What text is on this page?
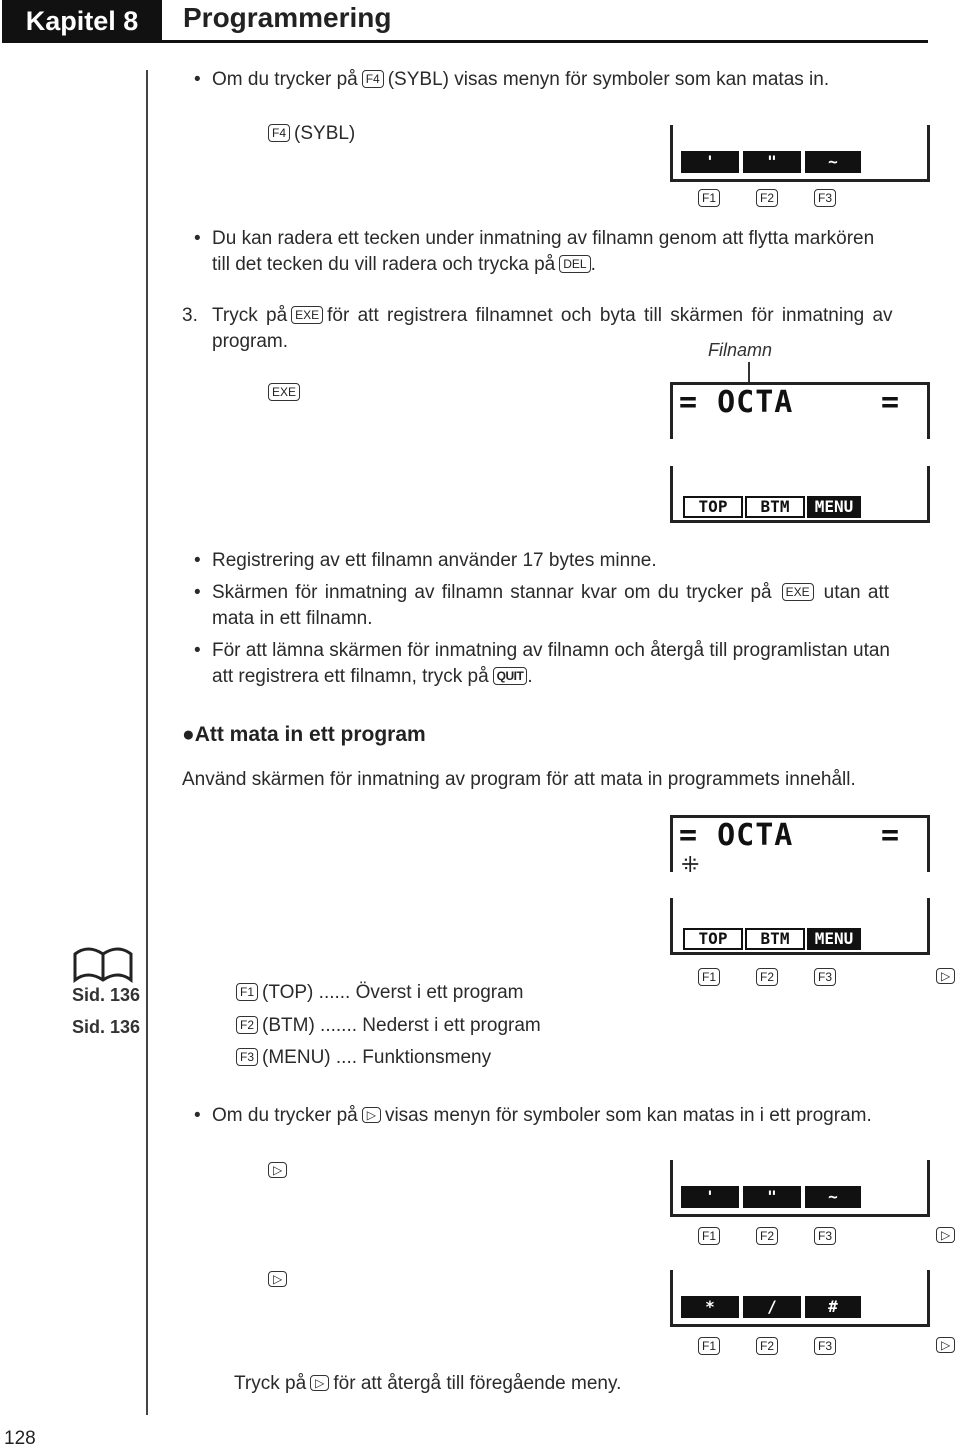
Kapitel 8	Programmering
• Om du trycker på F4 (SYBL) visas menyn för symboler som kan matas in.
F4 (SYBL)
'	"	~
F1	F2	F3
• Du kan radera ett tecken under inmatning av filnamn genom att flytta markören
till det tecken du vill radera och trycka på DEL .
3. Tryck på EXE för att registrera filnamnet och byta till skärmen för inmatning av
program.	Filnamn
EXE	= OCTA	=
TOP	BTM	MENU
• Registrering av ett filnamn använder 17 bytes minne.
• Skärmen för inmatning av filnamn stannar kvar om du trycker på EXE utan att
mata in ett filnamn.
• För att lämna skärmen för inmatning av filnamn och återgå till programlistan utan
att registrera ett filnamn, tryck på QUIT .
●Att mata in ett program
Använd skärmen för inmatning av program för att mata in programmets innehåll.
= OCTA	=
⁜
TOP	BTM	MENU
F1	F2	F3	▷
Sid. 136
Sid. 136
F1 (TOP) ...... Överst i ett program
F2 (BTM) ....... Nederst i ett program
F3 (MENU) .... Funktionsmeny
• Om du trycker på ▷ visas menyn för symboler som kan matas in i ett program.
▷
'	"	~
F1	F2	F3	▷
▷
*	/	#
F1	F2	F3	▷
Tryck på ▷ för att återgå till föregående meny.
128
